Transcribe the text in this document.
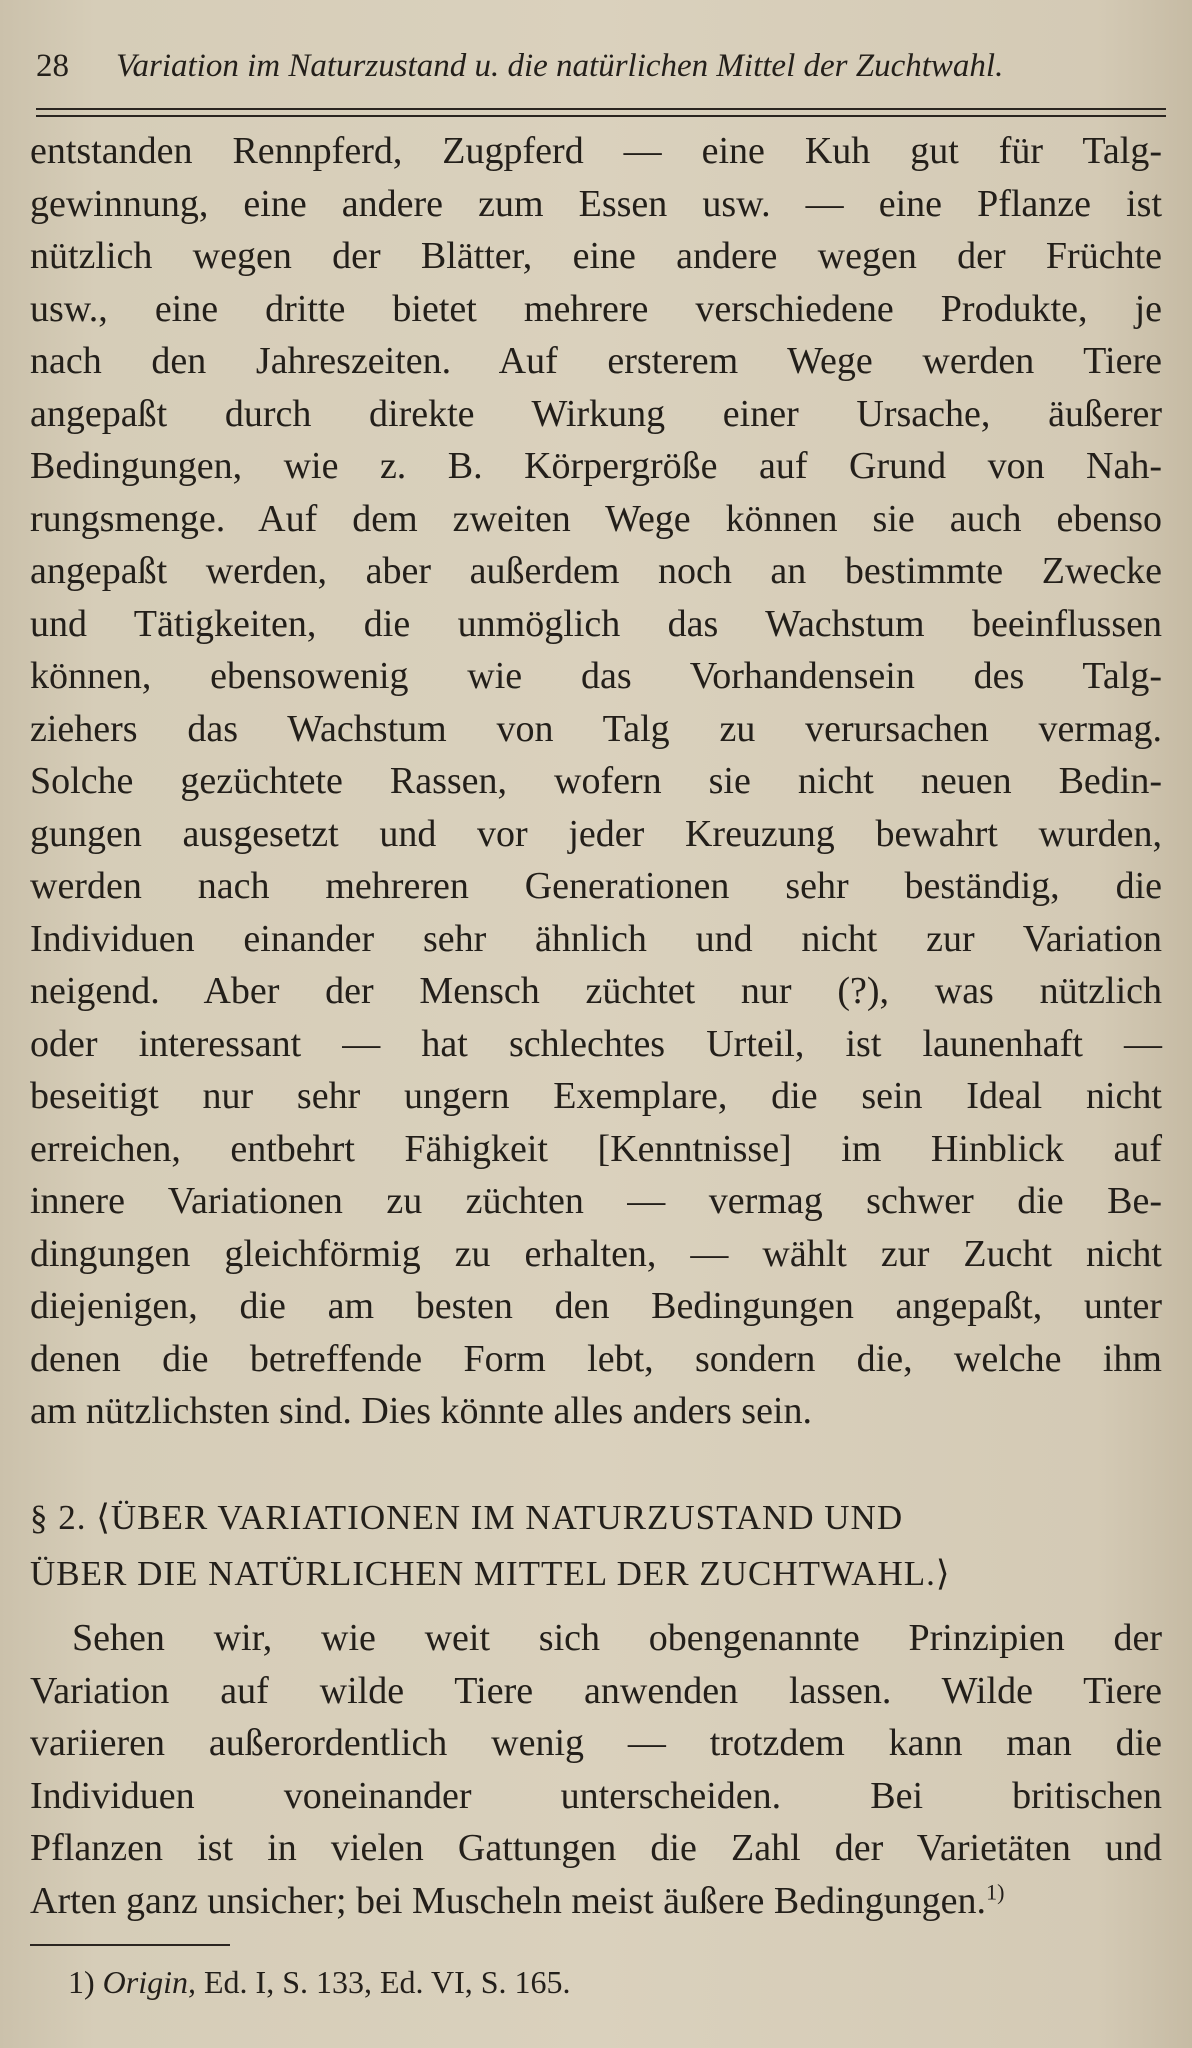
28 Variation im Naturzustand u. die natürlichen Mittel der Zuchtwahl.
entstanden Rennpferd, Zugpferd — eine Kuh gut für Talg-
gewinnung, eine andere zum Essen usw. — eine Pflanze ist
nützlich wegen der Blätter, eine andere wegen der Früchte
usw., eine dritte bietet mehrere verschiedene Produkte, je
nach den Jahreszeiten. Auf ersterem Wege werden Tiere
angepaßt durch direkte Wirkung einer Ursache, äußerer
Bedingungen, wie z. B. Körpergröße auf Grund von Nah-
rungsmenge. Auf dem zweiten Wege können sie auch ebenso
angepaßt werden, aber außerdem noch an bestimmte Zwecke
und Tätigkeiten, die unmöglich das Wachstum beeinflussen
können, ebensowenig wie das Vorhandensein des Talg-
ziehers das Wachstum von Talg zu verursachen vermag.
Solche gezüchtete Rassen, wofern sie nicht neuen Bedin-
gungen ausgesetzt und vor jeder Kreuzung bewahrt wurden,
werden nach mehreren Generationen sehr beständig, die
Individuen einander sehr ähnlich und nicht zur Variation
neigend. Aber der Mensch züchtet nur (?), was nützlich
oder interessant — hat schlechtes Urteil, ist launenhaft —
beseitigt nur sehr ungern Exemplare, die sein Ideal nicht
erreichen, entbehrt Fähigkeit [Kenntnisse] im Hinblick auf
innere Variationen zu züchten — vermag schwer die Be-
dingungen gleichförmig zu erhalten, — wählt zur Zucht nicht
diejenigen, die am besten den Bedingungen angepaßt, unter
denen die betreffende Form lebt, sondern die, welche ihm
am nützlichsten sind. Dies könnte alles anders sein.
§ 2. ⟨ÜBER VARIATIONEN IM NATURZUSTAND UND
ÜBER DIE NATÜRLICHEN MITTEL DER ZUCHTWAHL.⟩
Sehen wir, wie weit sich obengenannte Prinzipien der
Variation auf wilde Tiere anwenden lassen. Wilde Tiere
variieren außerordentlich wenig — trotzdem kann man die
Individuen voneinander unterscheiden. Bei britischen
Pflanzen ist in vielen Gattungen die Zahl der Varietäten und
Arten ganz unsicher; bei Muscheln meist äußere Bedingungen.$^{1)}$
1) Origin, Ed. I, S. 133, Ed. VI, S. 165.
